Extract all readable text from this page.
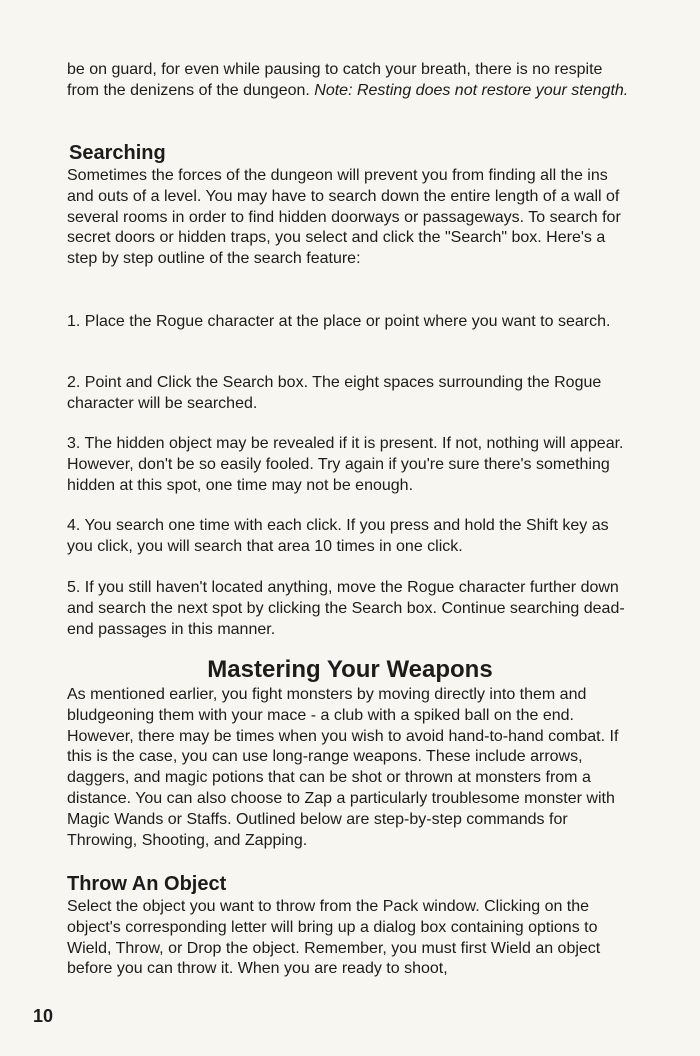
be on guard, for even while pausing to catch your breath, there is no respite from the denizens of the dungeon. Note: Resting does not restore your stength.

Searching

Sometimes the forces of the dungeon will prevent you from finding all the ins and outs of a level. You may have to search down the entire length of a wall of several rooms in order to find hidden doorways or passageways. To search for secret doors or hidden traps, you select and click the "Search" box. Here's a step by step outline of the search feature:

1. Place the Rogue character at the place or point where you want to search.

2. Point and Click the Search box. The eight spaces surrounding the Rogue character will be searched.

3. The hidden object may be revealed if it is present. If not, nothing will appear. However, don't be so easily fooled. Try again if you're sure there's something hidden at this spot, one time may not be enough.

4. You search one time with each click. If you press and hold the Shift key as you click, you will search that area 10 times in one click.

5. If you still haven't located anything, move the Rogue character further down and search the next spot by clicking the Search box. Continue searching dead-end passages in this manner.

Mastering Your Weapons

As mentioned earlier, you fight monsters by moving directly into them and bludgeoning them with your mace - a club with a spiked ball on the end. However, there may be times when you wish to avoid hand-to-hand combat. If this is the case, you can use long-range weapons. These include arrows, daggers, and magic potions that can be shot or thrown at monsters from a distance. You can also choose to Zap a particularly troublesome monster with Magic Wands or Staffs. Outlined below are step-by-step commands for Throwing, Shooting, and Zapping.

Throw An Object

Select the object you want to throw from the Pack window. Clicking on the object's corresponding letter will bring up a dialog box containing options to Wield, Throw, or Drop the object. Remember, you must first Wield an object before you can throw it. When you are ready to shoot,

10
